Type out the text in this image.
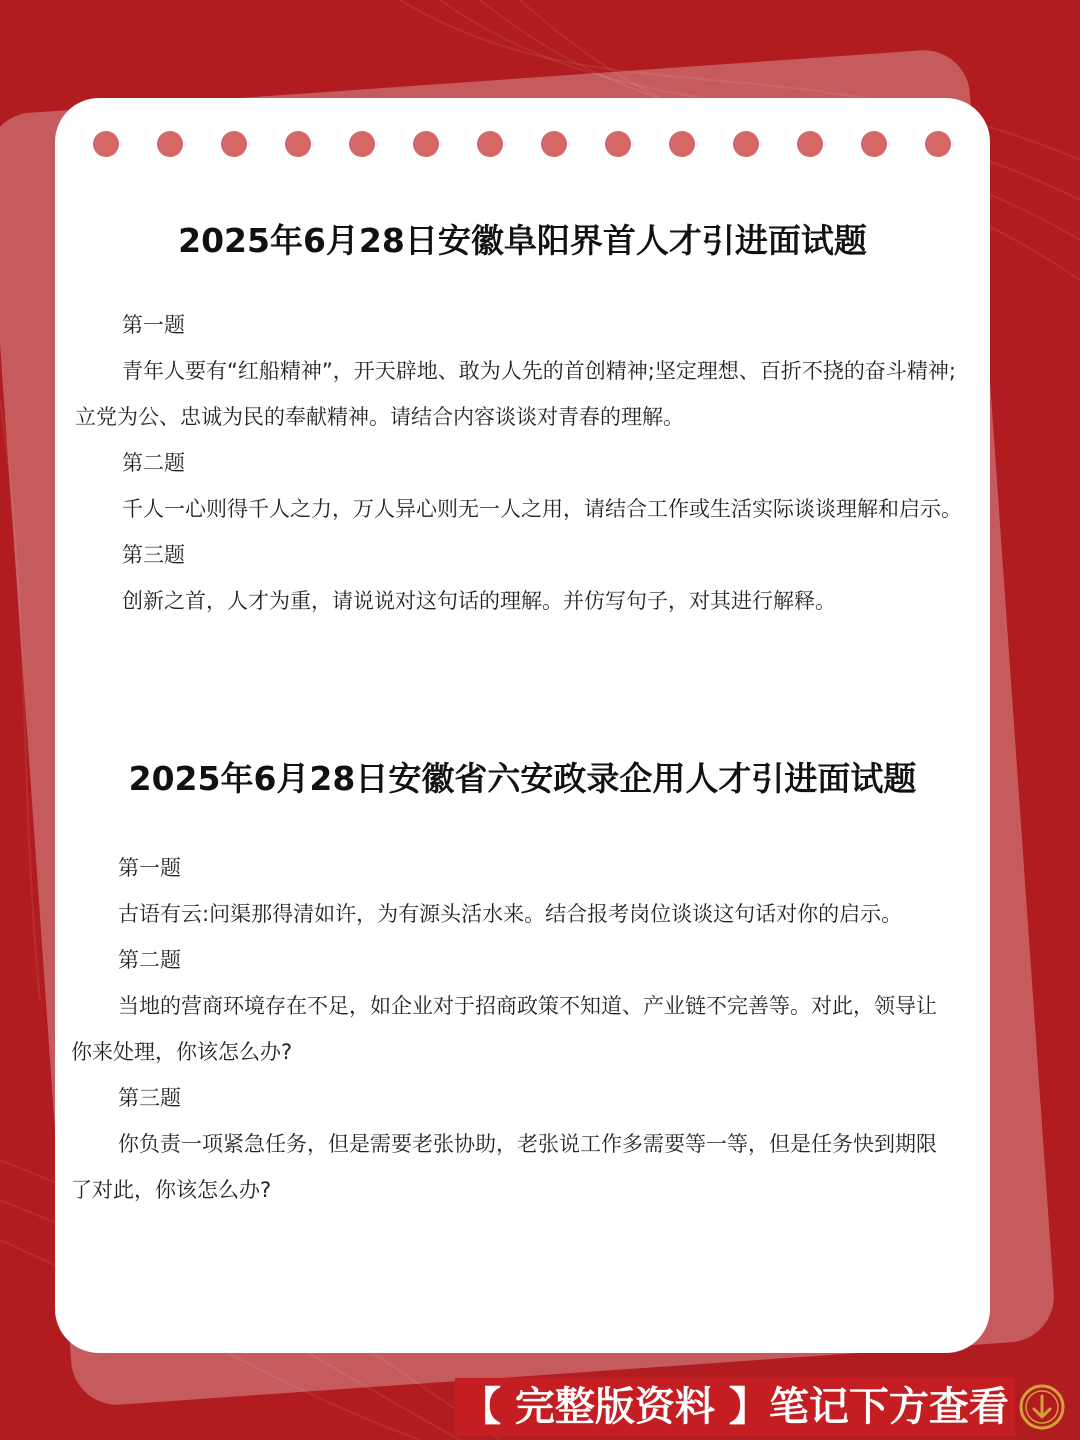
2025年6月28日安徽阜阳界首人才引进面试题

第一题

青年人要有“红船精神”，开天辟地、敢为人先的首创精神;坚定理想、百折不挠的奋斗精神;立党为公、忠诚为民的奉献精神。请结合内容谈谈对青春的理解。

第二题

千人一心则得千人之力，万人异心则无一人之用，请结合工作或生活实际谈谈理解和启示。

第三题

创新之首，人才为重，请说说对这句话的理解。并仿写句子，对其进行解释。

2025年6月28日安徽省六安政录企用人才引进面试题

第一题

古语有云:问渠那得清如许，为有源头活水来。结合报考岗位谈谈这句话对你的启示。

第二题

当地的营商环境存在不足，如企业对于招商政策不知道、产业链不完善等。对此，领导让你来处理，你该怎么办?

第三题

你负责一项紧急任务，但是需要老张协助，老张说工作多需要等一等，但是任务快到期限了对此，你该怎么办?

【 完整版资料 】笔记下方查看
